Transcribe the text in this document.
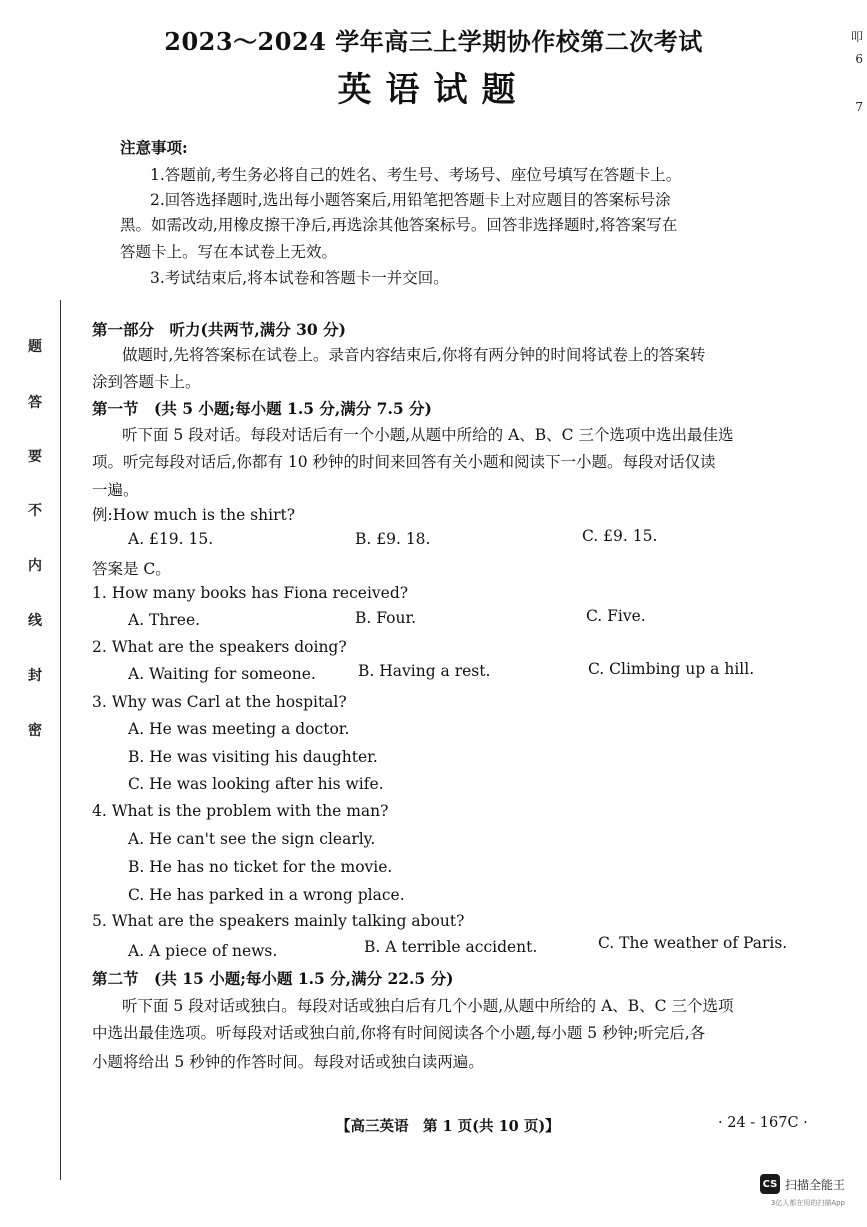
2023～2024 学年高三上学期协作校第二次考试
英语试题
叩
6
7
题
答
要
不
内
线
封
密
注意事项:
1.答题前,考生务必将自己的姓名、考生号、考场号、座位号填写在答题卡上。
2.回答选择题时,选出每小题答案后,用铅笔把答题卡上对应题目的答案标号涂
黑。如需改动,用橡皮擦干净后,再选涂其他答案标号。回答非选择题时,将答案写在
答题卡上。写在本试卷上无效。
3.考试结束后,将本试卷和答题卡一并交回。
第一部分　听力(共两节,满分 30 分)
做题时,先将答案标在试卷上。录音内容结束后,你将有两分钟的时间将试卷上的答案转
涂到答题卡上。
第一节　(共 5 小题;每小题 1.5 分,满分 7.5 分)
听下面 5 段对话。每段对话后有一个小题,从题中所给的 A、B、C 三个选项中选出最佳选
项。听完每段对话后,你都有 10 秒钟的时间来回答有关小题和阅读下一小题。每段对话仅读
一遍。
例:How much is the shirt?
A. £19. 15.	B. £9. 18.	C. £9. 15.
答案是 C。
1. How many books has Fiona received?
A. Three.	B. Four.	C. Five.
2. What are the speakers doing?
A. Waiting for someone.	B. Having a rest.	C. Climbing up a hill.
3. Why was Carl at the hospital?
A. He was meeting a doctor.
B. He was visiting his daughter.
C. He was looking after his wife.
4. What is the problem with the man?
A. He can't see the sign clearly.
B. He has no ticket for the movie.
C. He has parked in a wrong place.
5. What are the speakers mainly talking about?
A. A piece of news.	B. A terrible accident.	C. The weather of Paris.
第二节　(共 15 小题;每小题 1.5 分,满分 22.5 分)
听下面 5 段对话或独白。每段对话或独白后有几个小题,从题中所给的 A、B、C 三个选项
中选出最佳选项。听每段对话或独白前,你将有时间阅读各个小题,每小题 5 秒钟;听完后,各
小题将给出 5 秒钟的作答时间。每段对话或独白读两遍。
【高三英语　第 1 页(共 10 页)】	· 24 - 167C ·
CS 扫描全能王
3亿人都在用的扫描App
